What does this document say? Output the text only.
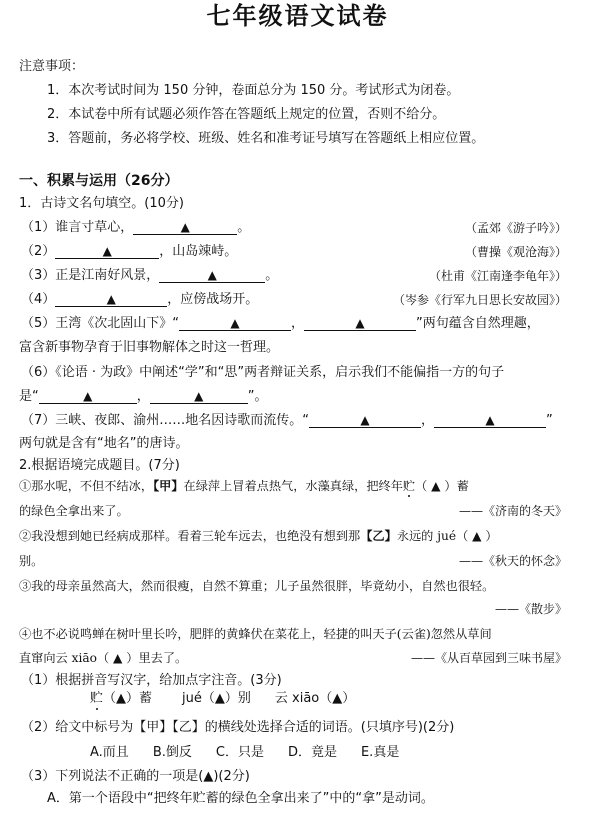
七年级语文试卷
注意事项：
1．本次考试时间为 150 分钟，卷面总分为 150 分。考试形式为闭卷。
2．本试卷中所有试题必须作答在答题纸上规定的位置，否则不给分。
3．答题前，务必将学校、班级、姓名和准考证号填写在答题纸上相应位置。
一、积累与运用（26分）
1．古诗文名句填空。(10分)
（1）谁言寸草心，	▲	。	（孟郊《游子吟》）
（2）	▲	，山岛竦峙。	（曹操《观沧海》）
（3）正是江南好风景，	▲	。	（杜甫《江南逢李龟年》）
（4）	▲	，应傍战场开。	（岑参《行军九日思长安故园》）
（5）王湾《次北固山下》“	▲	，	▲	”两句蕴含自然理趣，
富含新事物孕育于旧事物解体之时这一哲理。
（6）《论语 · 为政》中阐述“学”和“思”两者辩证关系，启示我们不能偏指一方的句子
是“	▲	，	▲	”。
（7）三峡、夜郎、渝州……地名因诗歌而流传。“	▲	，	▲	”
两句就是含有“地名”的唐诗。
2.根据语境完成题目。(7分)
①那水呢，不但不结冰，【甲】在绿萍上冒着点热气，水藻真绿，把终年贮（ ▲ ）蓄
的绿色全拿出来了。	——《济南的冬天》
②我没想到她已经病成那样。看着三轮车远去，也绝没有想到那【乙】永远的 jué（ ▲ ）
别。	——《秋天的怀念》
③我的母亲虽然高大，然而很瘦，自然不算重；儿子虽然很胖，毕竟幼小，自然也很轻。
——《散步》
④也不必说鸣蝉在树叶里长吟，肥胖的黄蜂伏在菜花上，轻捷的叫天子(云雀)忽然从草间
直窜向云 xiāo（ ▲ ）里去了。	——《从百草园到三味书屋》
（1）根据拼音写汉字，给加点字注音。(3分)
贮（▲）蓄 jué（▲）别 云 xiāo（▲）
（2）给文中标号为【甲】【乙】的横线处选择合适的词语。(只填序号)(2分)
A.而且 B.倒反 C．只是 D．竟是 E.真是
（3）下列说法不正确的一项是(▲)(2分)
A．第一个语段中“把终年贮蓄的绿色全拿出来了”中的“拿”是动词。
